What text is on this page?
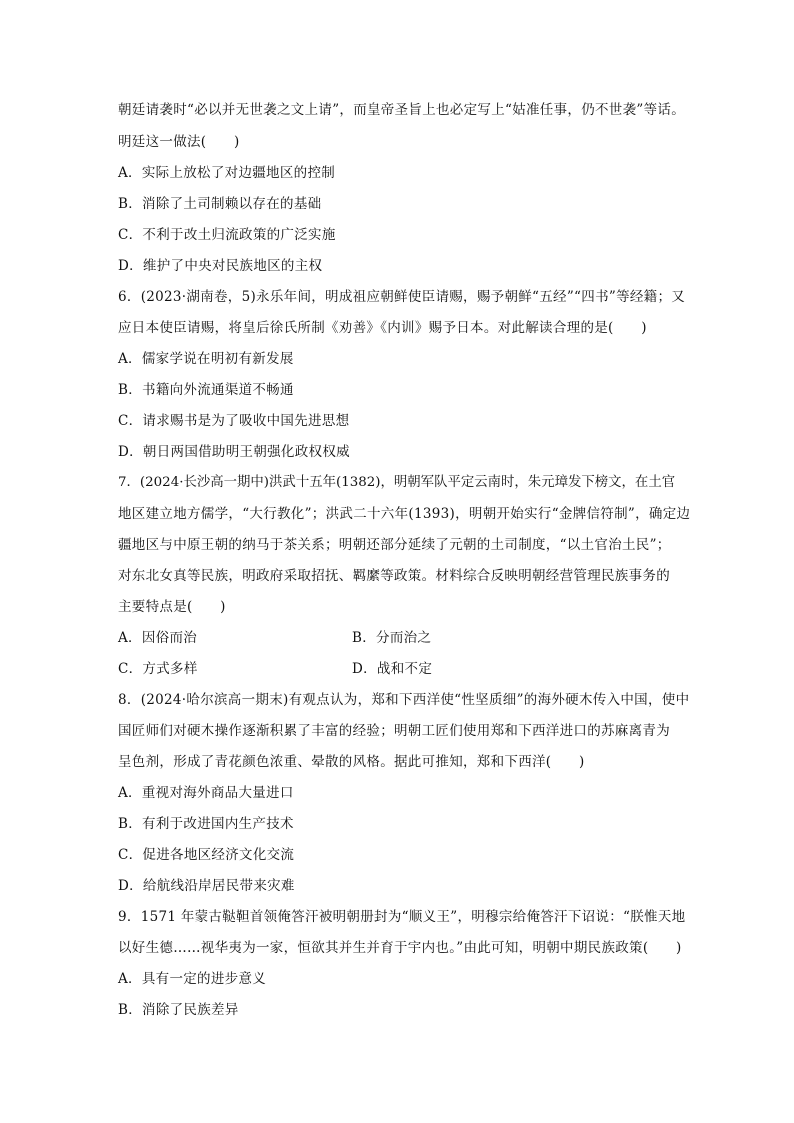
朝廷请袭时“必以并无世袭之文上请”，而皇帝圣旨上也必定写上“姑准任事，仍不世袭”等话。
明廷这一做法(　　)
A．实际上放松了对边疆地区的控制
B．消除了土司制赖以存在的基础
C．不利于改土归流政策的广泛实施
D．维护了中央对民族地区的主权
6．(2023·湖南卷，5)永乐年间，明成祖应朝鲜使臣请赐，赐予朝鲜“五经”“四书”等经籍；又
应日本使臣请赐，将皇后徐氏所制《劝善》《内训》赐予日本。对此解读合理的是(　　)
A．儒家学说在明初有新发展
B．书籍向外流通渠道不畅通
C．请求赐书是为了吸收中国先进思想
D．朝日两国借助明王朝强化政权权威
7．(2024·长沙高一期中)洪武十五年(1382)，明朝军队平定云南时，朱元璋发下榜文，在土官
地区建立地方儒学，“大行教化”；洪武二十六年(1393)，明朝开始实行“金牌信符制”，确定边
疆地区与中原王朝的纳马于茶关系；明朝还部分延续了元朝的土司制度，“以土官治土民”；
对东北女真等民族，明政府采取招抚、羁縻等政策。材料综合反映明朝经营管理民族事务的
主要特点是(　　)
A．因俗而治	B．分而治之
C．方式多样	D．战和不定
8．(2024·哈尔滨高一期末)有观点认为，郑和下西洋使“性坚质细”的海外硬木传入中国，使中
国匠师们对硬木操作逐渐积累了丰富的经验；明朝工匠们使用郑和下西洋进口的苏麻离青为
呈色剂，形成了青花颜色浓重、晕散的风格。据此可推知，郑和下西洋(　　)
A．重视对海外商品大量进口
B．有利于改进国内生产技术
C．促进各地区经济文化交流
D．给航线沿岸居民带来灾难
9．1571 年蒙古鞑靼首领俺答汗被明朝册封为“顺义王”，明穆宗给俺答汗下诏说：“朕惟天地
以好生德……视华夷为一家，恒欲其并生并育于宇内也。”由此可知，明朝中期民族政策(　　)
A．具有一定的进步意义
B．消除了民族差异
